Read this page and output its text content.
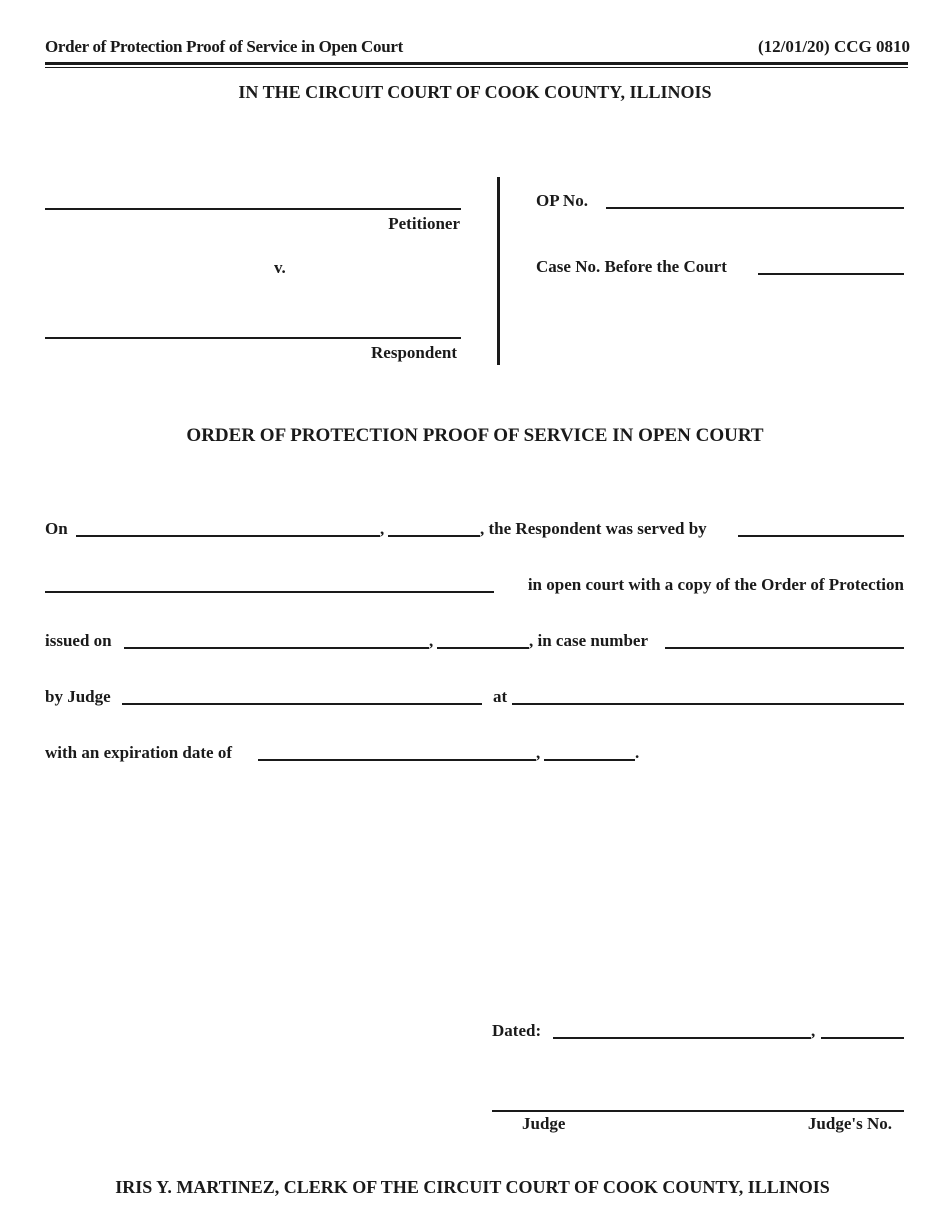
Order of Protection Proof of Service in Open Court	(12/01/20) CCG 0810
IN THE CIRCUIT COURT OF COOK COUNTY, ILLINOIS
Petitioner
v.
Respondent
OP No.
Case No. Before the Court
ORDER OF PROTECTION PROOF OF SERVICE IN OPEN COURT
On	,	, the Respondent was served by
in open court with a copy of the Order of Protection
issued on	,	, in case number
by Judge	at
with an expiration date of	,	.
Dated:	,
Judge	Judge's No.
IRIS Y. MARTINEZ, CLERK OF THE CIRCUIT COURT OF COOK COUNTY, ILLINOIS
